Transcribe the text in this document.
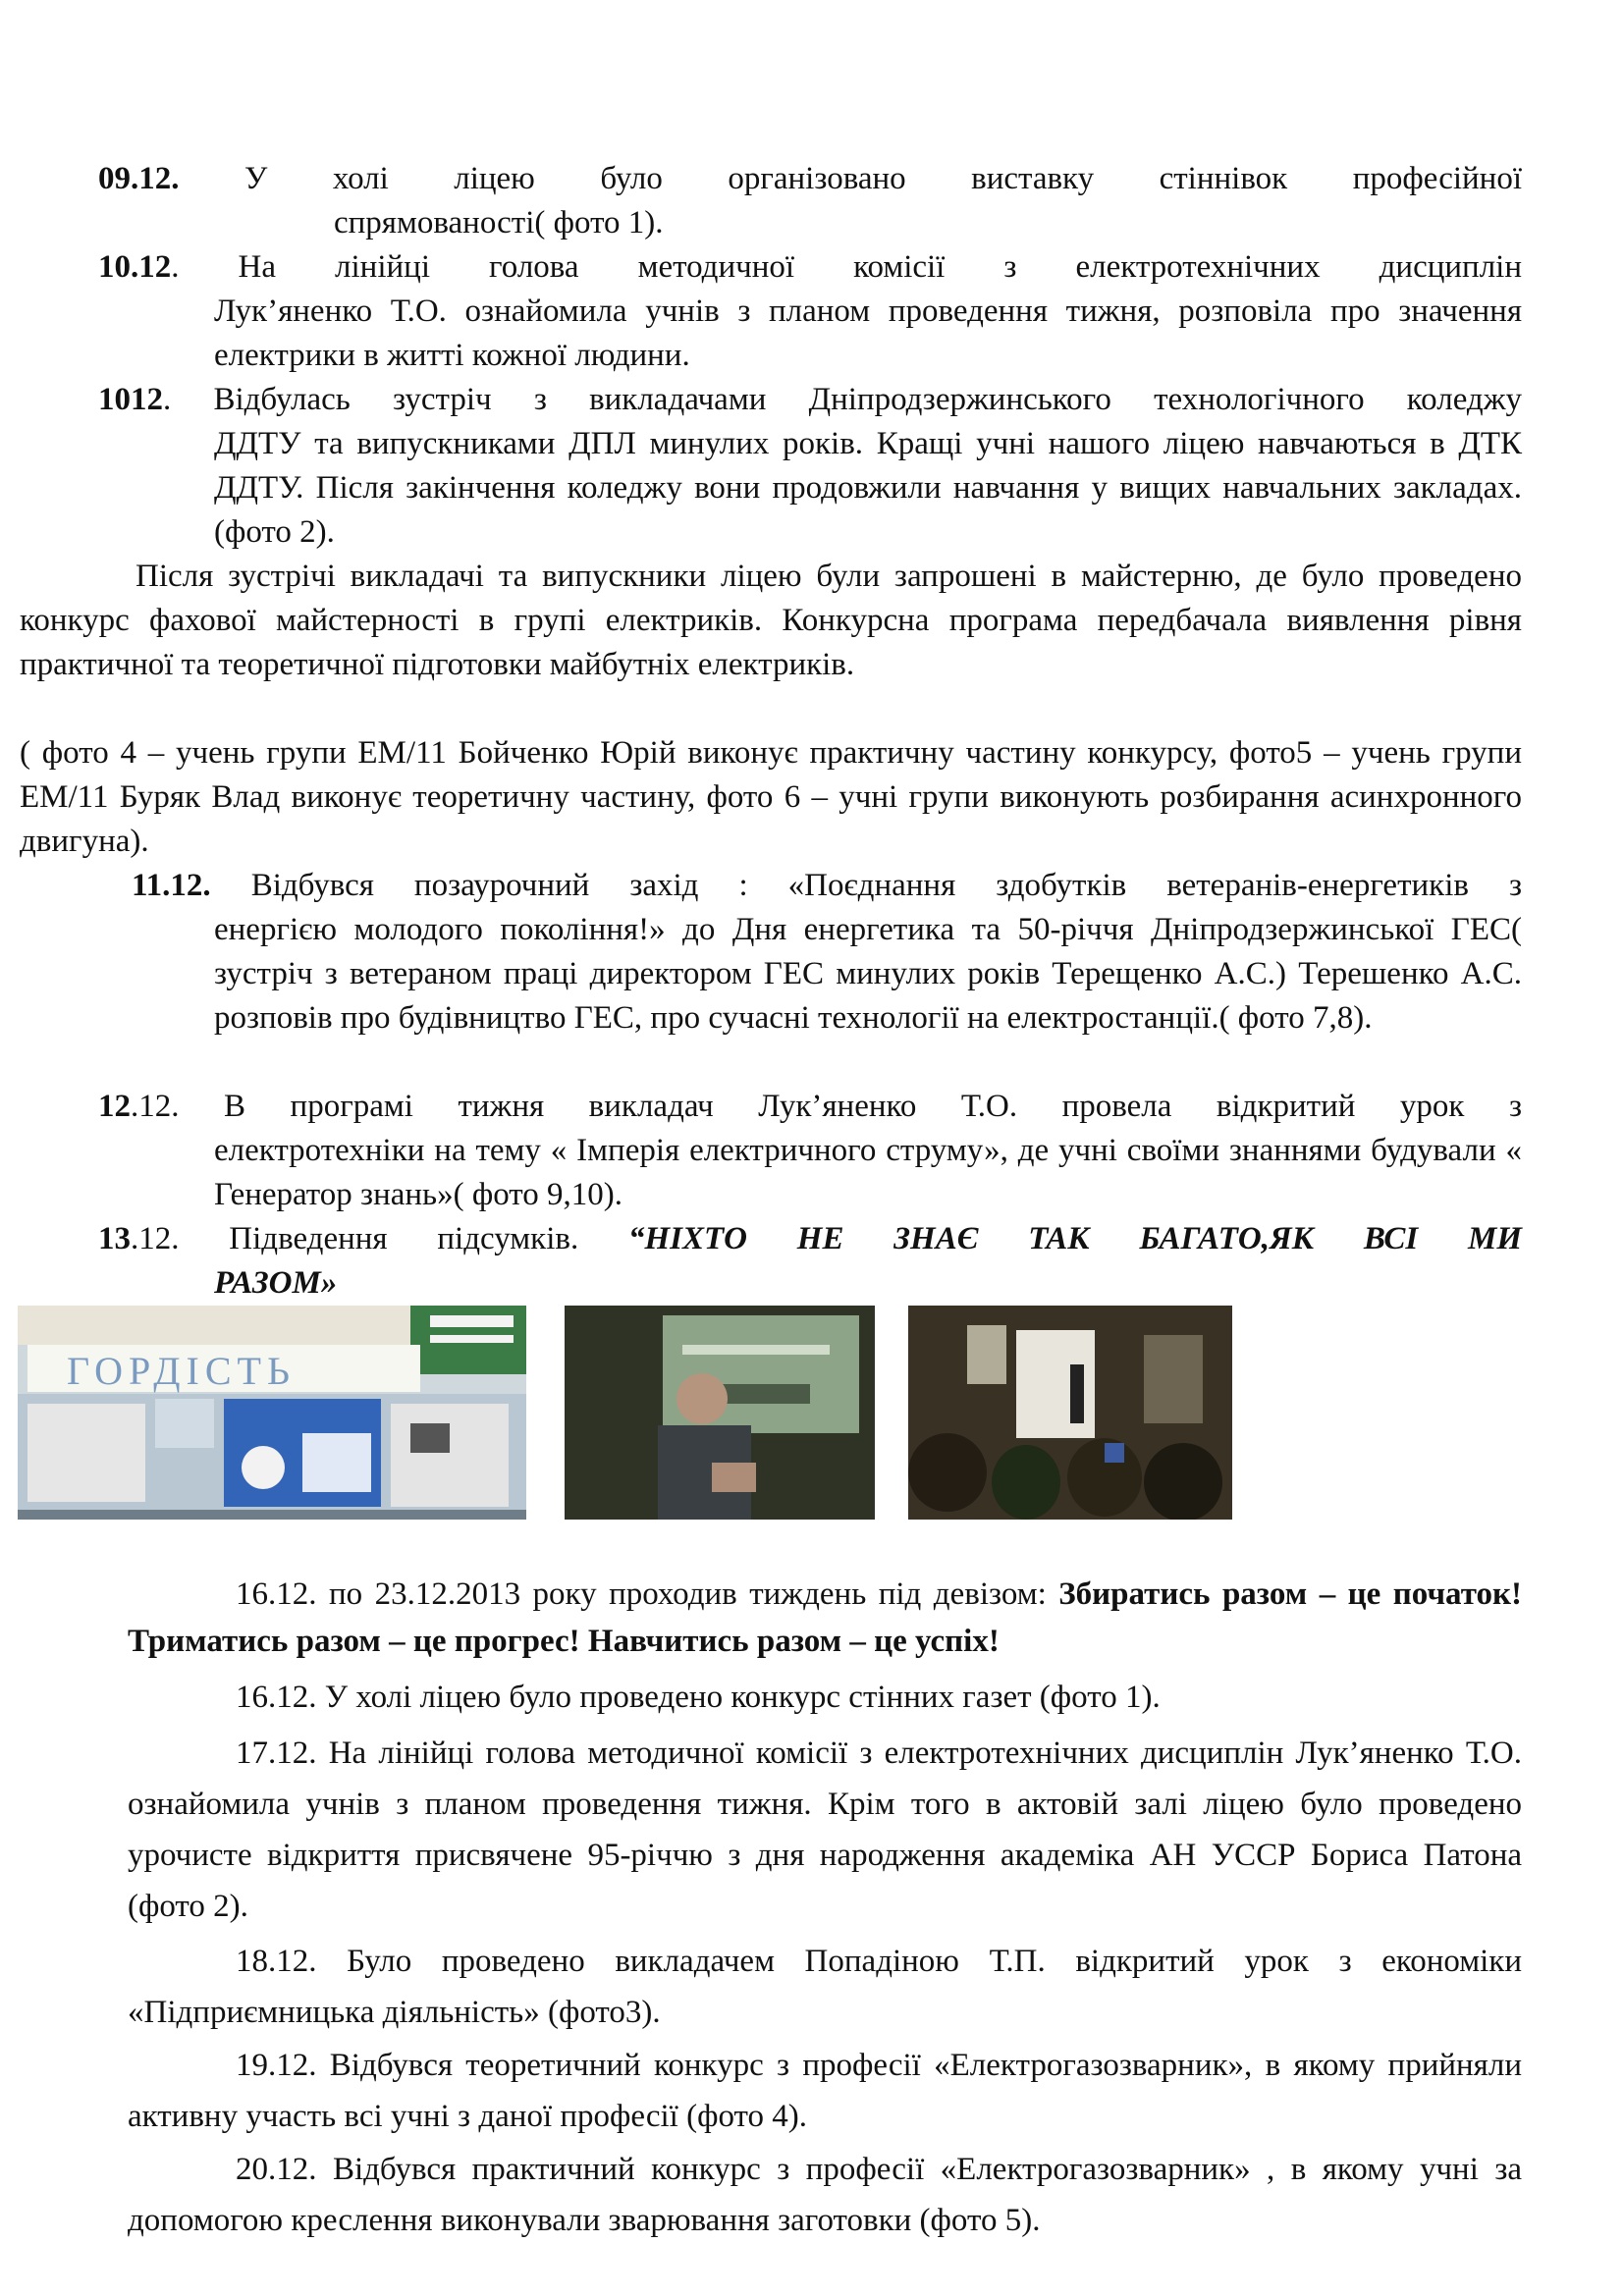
09.12. У холі ліцею було організовано виставку стіннівок професійної

спрямованості( фото 1).

10.12. На лінійці голова методичної комісії з електротехнічних дисциплін

Лук’яненко Т.О. ознайомила учнів з планом проведення тижня, розповіла про значення електрики в житті кожної людини.

1012. Відбулась зустріч з викладачами Дніпродзержинського технологічного коледжу

ДДТУ та випускниками ДПЛ минулих років. Кращі учні нашого ліцею навчаються в ДТК ДДТУ. Після закінчення коледжу вони продовжили навчання у вищих навчальних закладах. (фото 2).

Після зустрічі викладачі та випускники ліцею були запрошені в майстерню, де було проведено конкурс фахової майстерності в групі електриків. Конкурсна програма передбачала виявлення рівня практичної та теоретичної підготовки майбутніх електриків.

( фото 4 – учень групи ЕМ/11 Бойченко Юрій виконує практичну частину конкурсу, фото5 – учень групи ЕМ/11 Буряк Влад виконує теоретичну частину, фото 6 – учні групи виконують розбирання асинхронного двигуна).

11.12. Відбувся позаурочний захід : «Поєднання здобутків ветеранів-енергетиків з

енергією молодого покоління!» до Дня енергетика та 50-річчя Дніпродзержинської ГЕС( зустріч з ветераном праці директором ГЕС минулих років Терещенко А.С.) Терешенко А.С. розповів про будівництво ГЕС, про сучасні технології на електростанції.( фото 7,8).

12.12. В програмі тижня викладач Лук’яненко Т.О. провела відкритий урок з

електротехніки на тему « Імперія електричного струму», де учні своїми знаннями будували « Генератор знань»( фото 9,10).

13.12. Підведення підсумків. “НІХТО НЕ ЗНАЄ ТАК БАГАТО,ЯК ВСІ МИ

РАЗОМ»

ГОРДІСТЬ

16.12. по 23.12.2013 року проходив тиждень під девізом: Збиратись разом – це початок! Триматись разом – це прогрес! Навчитись разом – це успіх!

16.12. У холі ліцею було проведено конкурс стінних газет (фото 1).

17.12. На лінійці голова методичної комісії з електротехнічних дисциплін Лук’яненко Т.О. ознайомила учнів з планом проведення тижня. Крім того в актовій залі ліцею було проведено урочисте відкриття присвячене 95-річчю з дня народження академіка АН УССР Бориса Патона (фото 2).

18.12. Було проведено викладачем Попадіною Т.П. відкритий урок з економіки «Підприємницька діяльність» (фото3).

19.12. Відбувся теоретичний конкурс з професії «Електрогазозварник», в якому прийняли активну участь всі учні з даної професії (фото 4).

20.12. Відбувся практичний конкурс з професії «Електрогазозварник» , в якому учні за допомогою креслення виконували зварювання заготовки (фото 5).
